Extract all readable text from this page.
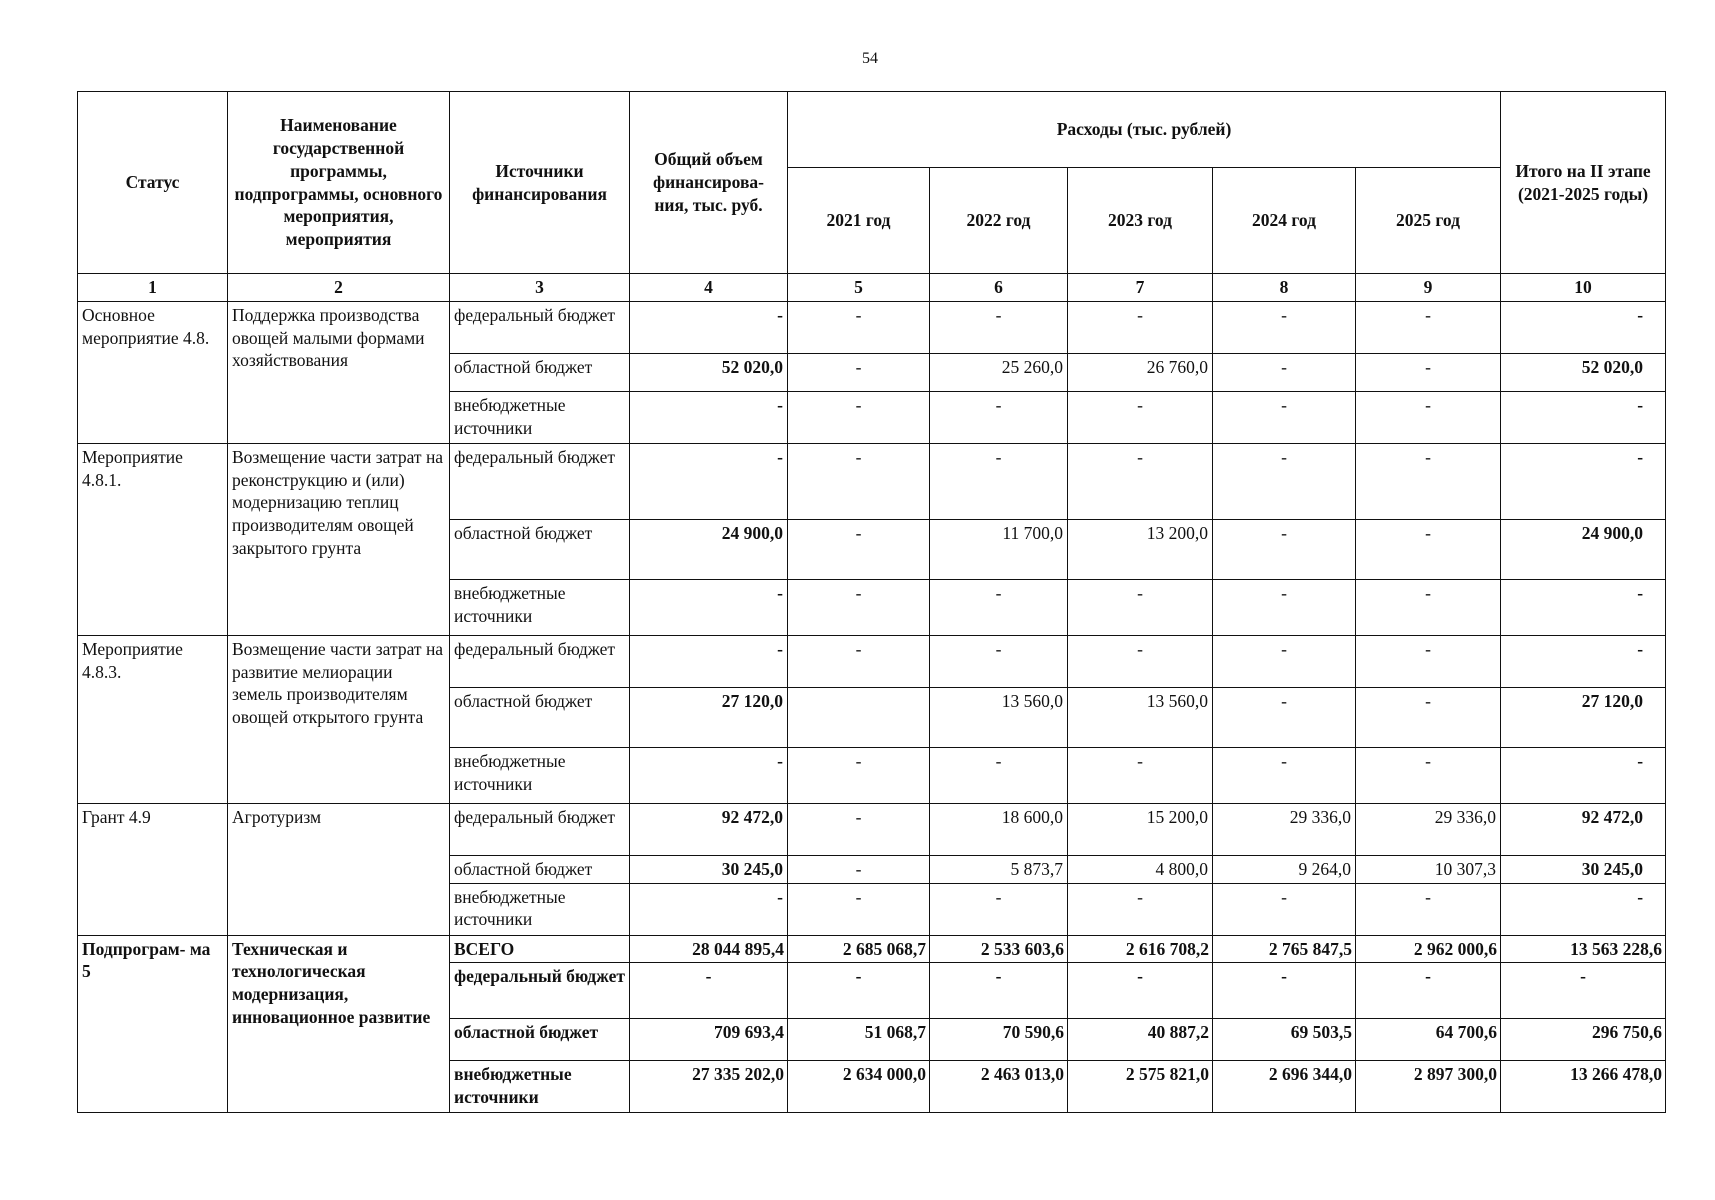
54
Статус	Наименование государственной программы, подпрограммы, основного мероприятия, мероприятия	Источники финансирования	Общий объем финансирова- ния, тыс. руб.	Расходы (тыс. рублей)					Итого на II этапе (2021-2025 годы)
				2021 год	2022 год	2023 год	2024 год	2025 год	
1	2	3	4	5	6	7	8	9	10
Основное мероприятие 4.8.	Поддержка производства овощей малыми формами хозяйствования	федеральный бюджет	-	-	-	-	-	-	-
		областной бюджет	52 020,0	-	25 260,0	26 760,0	-	-	52 020,0
		внебюджетные источники	-	-	-	-	-	-	-
Мероприятие 4.8.1.	Возмещение части затрат на реконструкцию и (или) модернизацию теплиц производителям овощей закрытого грунта	федеральный бюджет	-	-	-	-	-	-	-
		областной бюджет	24 900,0	-	11 700,0	13 200,0	-	-	24 900,0
		внебюджетные источники	-	-	-	-	-	-	-
Мероприятие 4.8.3.	Возмещение части затрат на развитие мелиорации земель производителям овощей открытого грунта	федеральный бюджет	-	-	-	-	-	-	-
		областной бюджет	27 120,0		13 560,0	13 560,0	-	-	27 120,0
		внебюджетные источники	-	-	-	-	-	-	-
Грант 4.9	Агротуризм	федеральный бюджет	92 472,0	-	18 600,0	15 200,0	29 336,0	29 336,0	92 472,0
		областной бюджет	30 245,0	-	5 873,7	4 800,0	9 264,0	10 307,3	30 245,0
		внебюджетные источники	-	-	-	-	-	-	-
Подпрограм- ма 5	Техническая и технологическая модернизация, инновационное развитие	ВСЕГО	28 044 895,4	2 685 068,7	2 533 603,6	2 616 708,2	2 765 847,5	2 962 000,6	13 563 228,6
		федеральный бюджет	-	-	-	-	-	-	-
		областной бюджет	709 693,4	51 068,7	70 590,6	40 887,2	69 503,5	64 700,6	296 750,6
		внебюджетные источники	27 335 202,0	2 634 000,0	2 463 013,0	2 575 821,0	2 696 344,0	2 897 300,0	13 266 478,0
